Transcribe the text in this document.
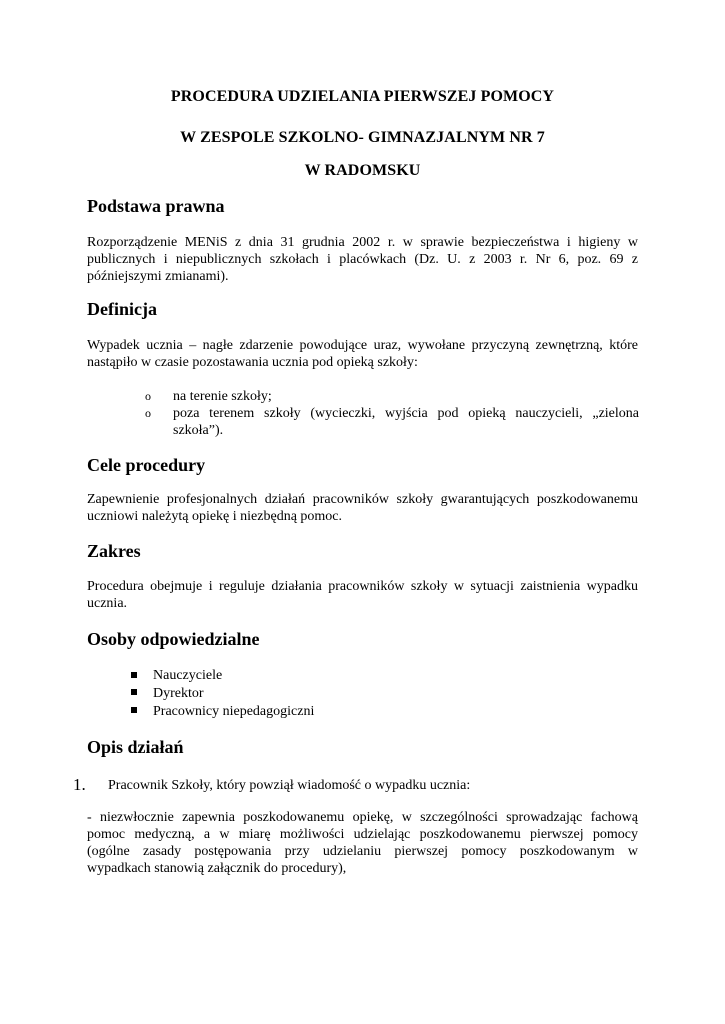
PROCEDURA UDZIELANIA PIERWSZEJ POMOCY
W ZESPOLE SZKOLNO- GIMNAZJALNYM NR 7
W RADOMSKU
Podstawa prawna
Rozporządzenie MENiS z dnia 31 grudnia 2002 r. w sprawie bezpieczeństwa i higieny w
publicznych i niepublicznych szkołach i placówkach (Dz. U. z 2003 r. Nr 6, poz. 69 z
późniejszymi zmianami).
Definicja
Wypadek ucznia – nagłe zdarzenie powodujące uraz, wywołane przyczyną zewnętrzną, które
nastąpiło w czasie pozostawania ucznia pod opieką szkoły:
o na terenie szkoły;
o poza terenem szkoły (wycieczki, wyjścia pod opieką nauczycieli, „zielona
szkoła”).
Cele procedury
Zapewnienie profesjonalnych działań pracowników szkoły gwarantujących poszkodowanemu
uczniowi należytą opiekę i niezbędną pomoc.
Zakres
Procedura obejmuje i reguluje działania pracowników szkoły w sytuacji zaistnienia wypadku
ucznia.
Osoby odpowiedzialne
Nauczyciele
Dyrektor
Pracownicy niepedagogiczni
Opis działań
1. Pracownik Szkoły, który powziął wiadomość o wypadku ucznia:
- niezwłocznie zapewnia poszkodowanemu opiekę, w szczególności sprowadzając fachową
pomoc medyczną, a w miarę możliwości udzielając poszkodowanemu pierwszej pomocy
(ogólne zasady postępowania przy udzielaniu pierwszej pomocy poszkodowanym w
wypadkach stanowią załącznik do procedury),
